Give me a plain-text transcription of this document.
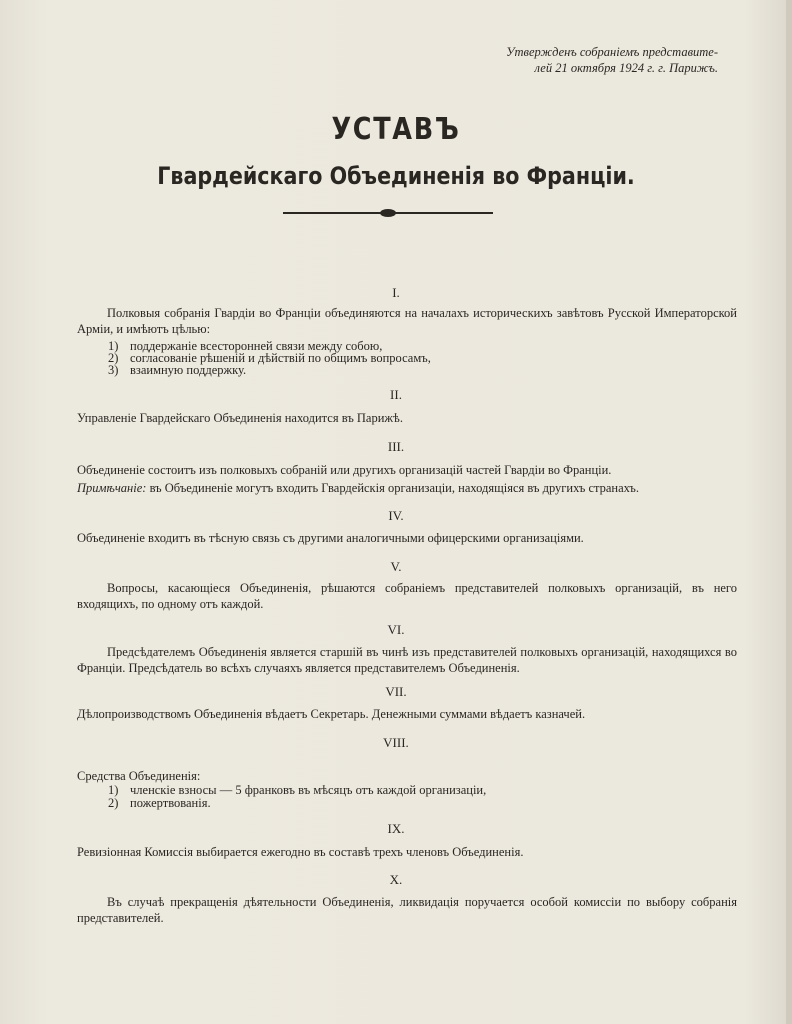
Утвержденъ собраніемъ представите-
лей 21 октября 1924 г. г. Парижъ.
УСТАВЪ
Гвардейскаго Объединенія во Франціи.
I.
Полковыя собранія Гвардіи во Франціи объединяются на началахъ историческихъ завѣтовъ Русской Императорской Арміи, и имѣютъ цѣлью:
1) поддержаніе всесторонней связи между собою,
2) согласованіе рѣшеній и дѣйствій по общимъ вопросамъ,
3) взаимную поддержку.
II.
Управленіе Гвардейскаго Объединенія находится въ Парижѣ.
III.
Объединеніе состоитъ изъ полковыхъ собраній или другихъ организацій частей Гвардіи во Франціи.
Примѣчаніе: въ Объединеніе могутъ входить Гвардейскія организаціи, находящіяся въ другихъ странахъ.
IV.
Объединеніе входитъ въ тѣсную связь съ другими аналогичными офицерскими организаціями.
V.
Вопросы, касающіеся Объединенія, рѣшаются собраніемъ представителей полковыхъ организацій, въ него входящихъ, по одному отъ каждой.
VI.
Предсѣдателемъ Объединенія является старшій въ чинѣ изъ представителей полковыхъ организацій, находящихся во Франціи. Предсѣдатель во всѣхъ случаяхъ является представителемъ Объединенія.
VII.
Дѣлопроизводствомъ Объединенія вѣдаетъ Секретарь. Денежными суммами вѣдаетъ казначей.
VIII.
Средства Объединенія:
1) членскіе взносы — 5 франковъ въ мѣсяцъ отъ каждой организаціи,
2) пожертвованія.
IX.
Ревизіонная Комиссія выбирается ежегодно въ составѣ трехъ членовъ Объединенія.
X.
Въ случаѣ прекращенія дѣятельности Объединенія, ликвидація поручается особой комиссіи по выбору собранія представителей.
